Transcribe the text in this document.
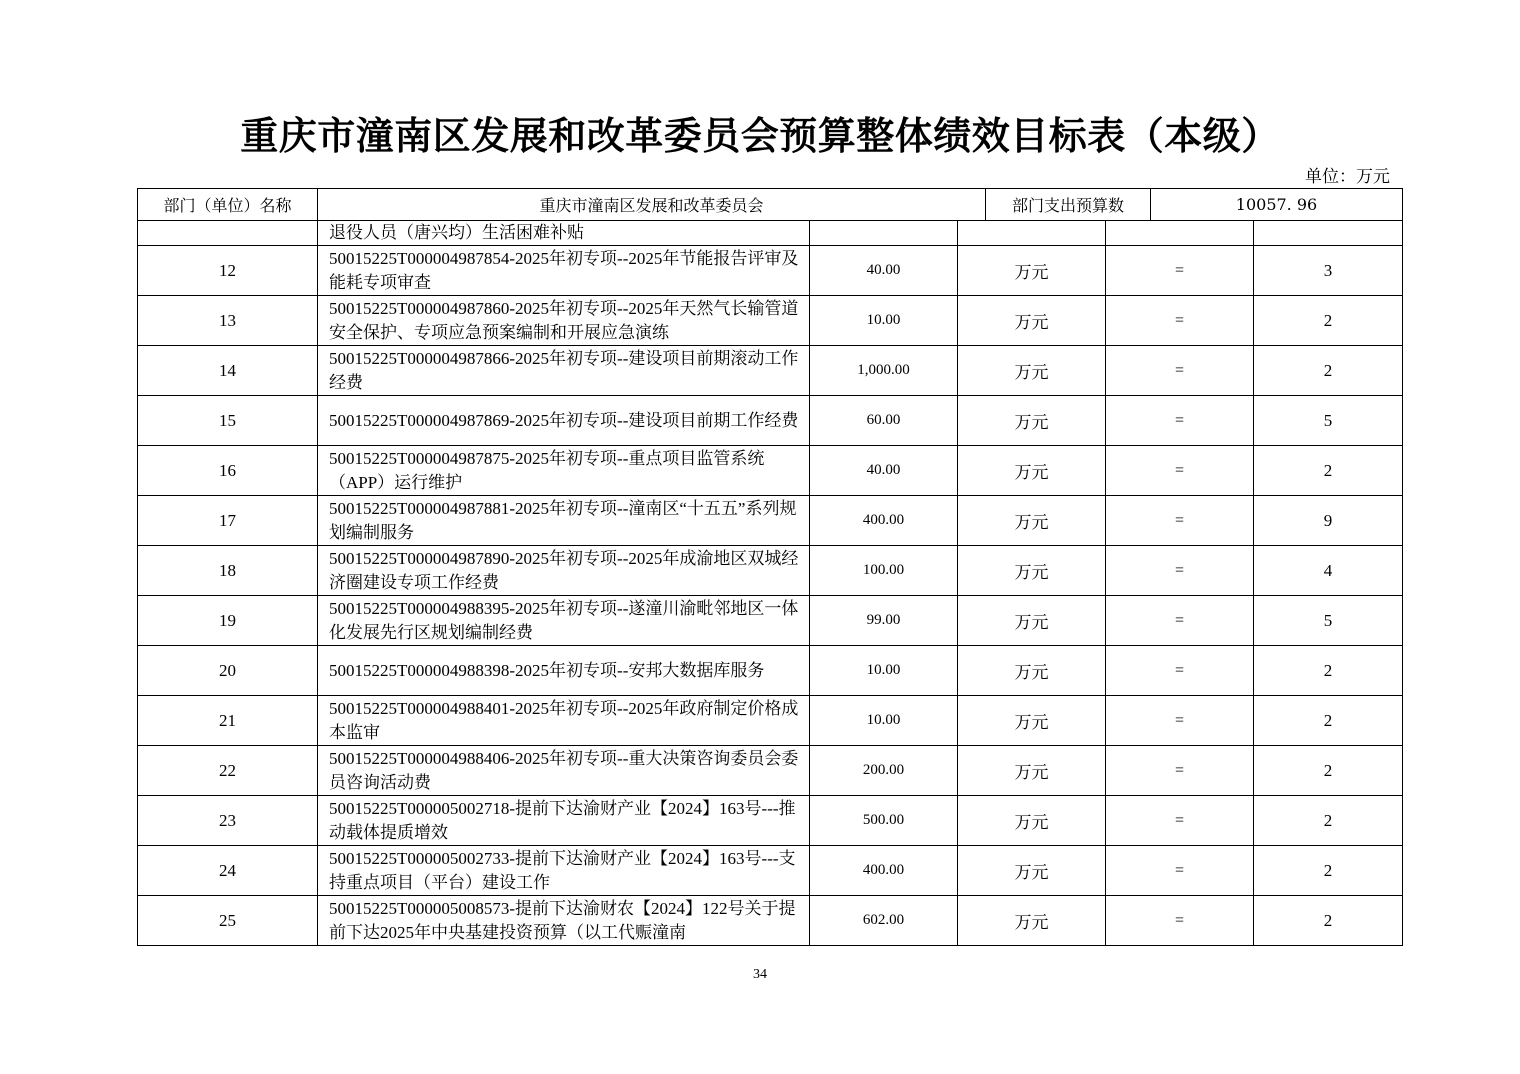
重庆市潼南区发展和改革委员会预算整体绩效目标表（本级）
单位：万元
部门（单位）名称	重庆市潼南区发展和改革委员会	部门支出预算数	10057. 96
	退役人员（唐兴均）生活困难补贴				
12	50015225T000004987854-2025年初专项--2025年节能报告评审及能耗专项审查	40.00	万元	=	3
13	50015225T000004987860-2025年初专项--2025年天然气长输管道安全保护、专项应急预案编制和开展应急演练	10.00	万元	=	2
14	50015225T000004987866-2025年初专项--建设项目前期滚动工作经费	1,000.00	万元	=	2
15	50015225T000004987869-2025年初专项--建设项目前期工作经费	60.00	万元	=	5
16	50015225T000004987875-2025年初专项--重点项目监管系统（APP）运行维护	40.00	万元	=	2
17	50015225T000004987881-2025年初专项--潼南区“十五五”系列规划编制服务	400.00	万元	=	9
18	50015225T000004987890-2025年初专项--2025年成渝地区双城经济圈建设专项工作经费	100.00	万元	=	4
19	50015225T000004988395-2025年初专项--遂潼川渝毗邻地区一体化发展先行区规划编制经费	99.00	万元	=	5
20	50015225T000004988398-2025年初专项--安邦大数据库服务	10.00	万元	=	2
21	50015225T000004988401-2025年初专项--2025年政府制定价格成本监审	10.00	万元	=	2
22	50015225T000004988406-2025年初专项--重大决策咨询委员会委员咨询活动费	200.00	万元	=	2
23	50015225T000005002718-提前下达渝财产业【2024】163号---推动载体提质增效	500.00	万元	=	2
24	50015225T000005002733-提前下达渝财产业【2024】163号---支持重点项目（平台）建设工作	400.00	万元	=	2
25	50015225T000005008573-提前下达渝财农【2024】122号关于提前下达2025年中央基建投资预算（以工代赈潼南	602.00	万元	=	2
34
